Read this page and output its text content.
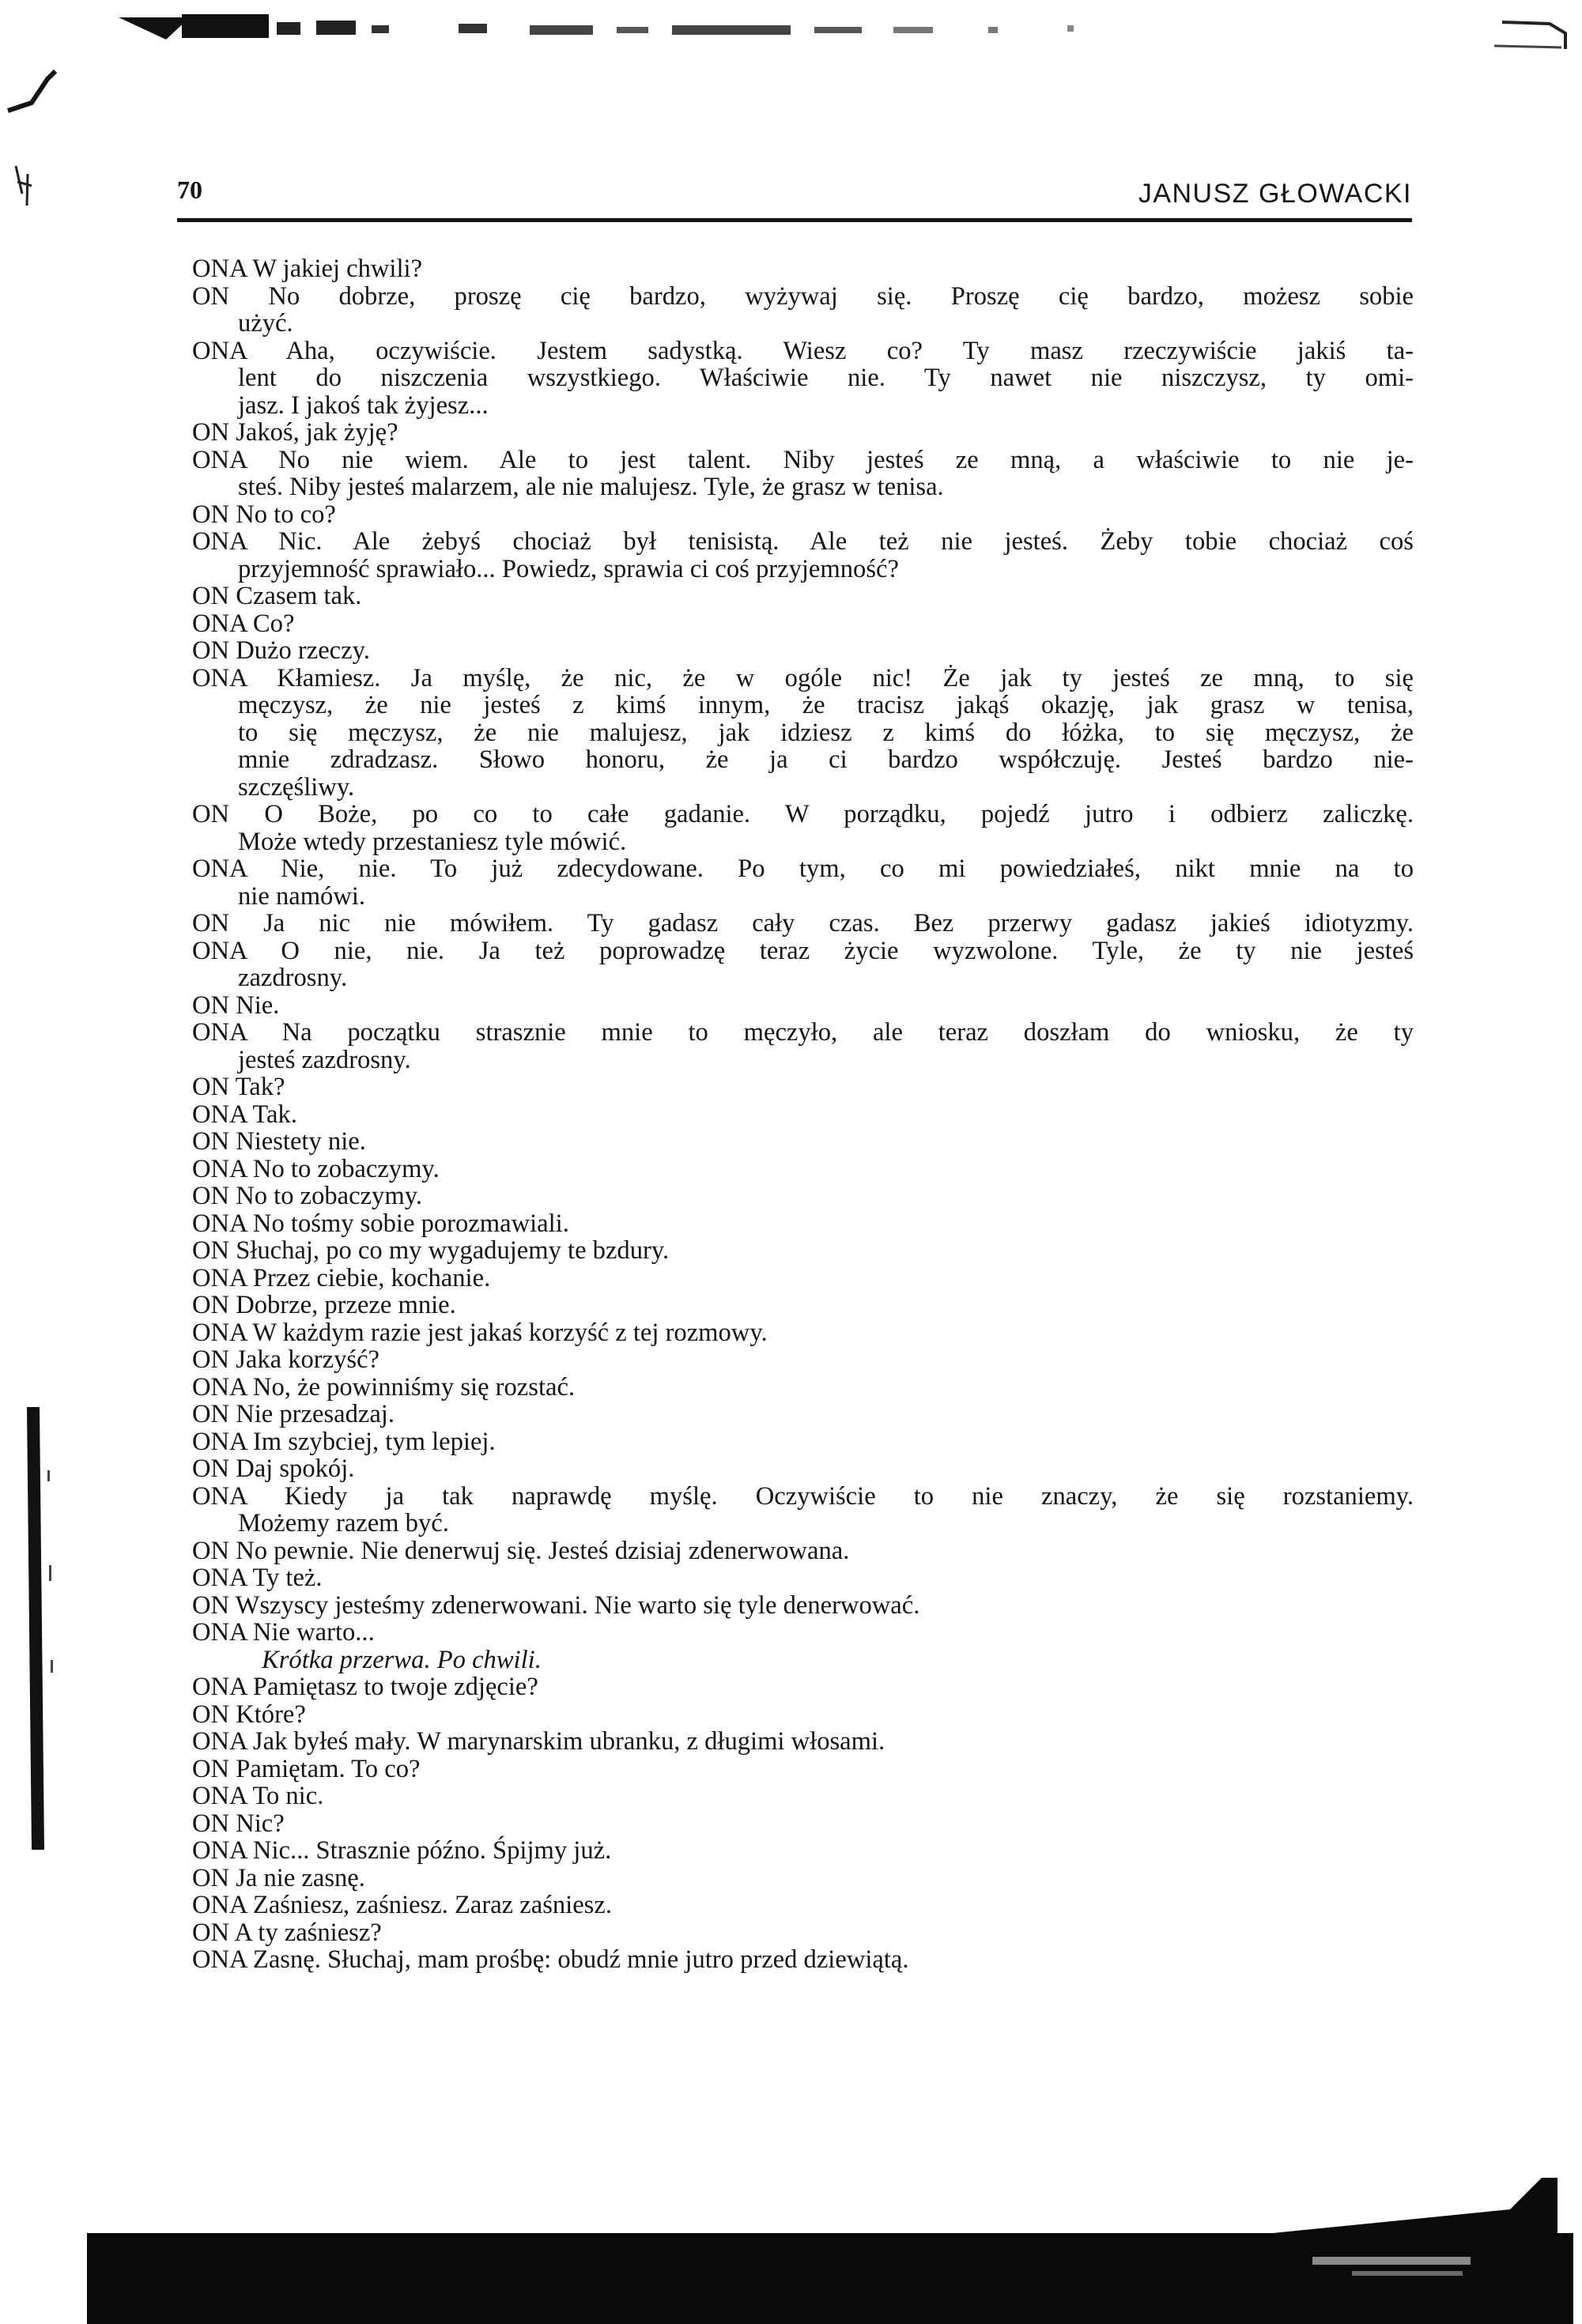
70	JANUSZ GŁOWACKI
ONA W jakiej chwili?
ON No dobrze, proszę cię bardzo, wyżywaj się. Proszę cię bardzo, możesz sobie
użyć.
ONA Aha, oczywiście. Jestem sadystką. Wiesz co? Ty masz rzeczywiście jakiś ta-
lent do niszczenia wszystkiego. Właściwie nie. Ty nawet nie niszczysz, ty omi-
jasz. I jakoś tak żyjesz...
ON Jakoś, jak żyję?
ONA No nie wiem. Ale to jest talent. Niby jesteś ze mną, a właściwie to nie je-
steś. Niby jesteś malarzem, ale nie malujesz. Tyle, że grasz w tenisa.
ON No to co?
ONA Nic. Ale żebyś chociaż był tenisistą. Ale też nie jesteś. Żeby tobie chociaż coś
przyjemność sprawiało... Powiedz, sprawia ci coś przyjemność?
ON Czasem tak.
ONA Co?
ON Dużo rzeczy.
ONA Kłamiesz. Ja myślę, że nic, że w ogóle nic! Że jak ty jesteś ze mną, to się
męczysz, że nie jesteś z kimś innym, że tracisz jakąś okazję, jak grasz w tenisa,
to się męczysz, że nie malujesz, jak idziesz z kimś do łóżka, to się męczysz, że
mnie zdradzasz. Słowo honoru, że ja ci bardzo współczuję. Jesteś bardzo nie-
szczęśliwy.
ON O Boże, po co to całe gadanie. W porządku, pojedź jutro i odbierz zaliczkę.
Może wtedy przestaniesz tyle mówić.
ONA Nie, nie. To już zdecydowane. Po tym, co mi powiedziałeś, nikt mnie na to
nie namówi.
ON Ja nic nie mówiłem. Ty gadasz cały czas. Bez przerwy gadasz jakieś idiotyzmy.
ONA O nie, nie. Ja też poprowadzę teraz życie wyzwolone. Tyle, że ty nie jesteś
zazdrosny.
ON Nie.
ONA Na początku strasznie mnie to męczyło, ale teraz doszłam do wniosku, że ty
jesteś zazdrosny.
ON Tak?
ONA Tak.
ON Niestety nie.
ONA No to zobaczymy.
ON No to zobaczymy.
ONA No tośmy sobie porozmawiali.
ON Słuchaj, po co my wygadujemy te bzdury.
ONA Przez ciebie, kochanie.
ON Dobrze, przeze mnie.
ONA W każdym razie jest jakaś korzyść z tej rozmowy.
ON Jaka korzyść?
ONA No, że powinniśmy się rozstać.
ON Nie przesadzaj.
ONA Im szybciej, tym lepiej.
ON Daj spokój.
ONA Kiedy ja tak naprawdę myślę. Oczywiście to nie znaczy, że się rozstaniemy.
Możemy razem być.
ON No pewnie. Nie denerwuj się. Jesteś dzisiaj zdenerwowana.
ONA Ty też.
ON Wszyscy jesteśmy zdenerwowani. Nie warto się tyle denerwować.
ONA Nie warto...
Krótka przerwa. Po chwili.
ONA Pamiętasz to twoje zdjęcie?
ON Które?
ONA Jak byłeś mały. W marynarskim ubranku, z długimi włosami.
ON Pamiętam. To co?
ONA To nic.
ON Nic?
ONA Nic... Strasznie późno. Śpijmy już.
ON Ja nie zasnę.
ONA Zaśniesz, zaśniesz. Zaraz zaśniesz.
ON A ty zaśniesz?
ONA Zasnę. Słuchaj, mam prośbę: obudź mnie jutro przed dziewiątą.
